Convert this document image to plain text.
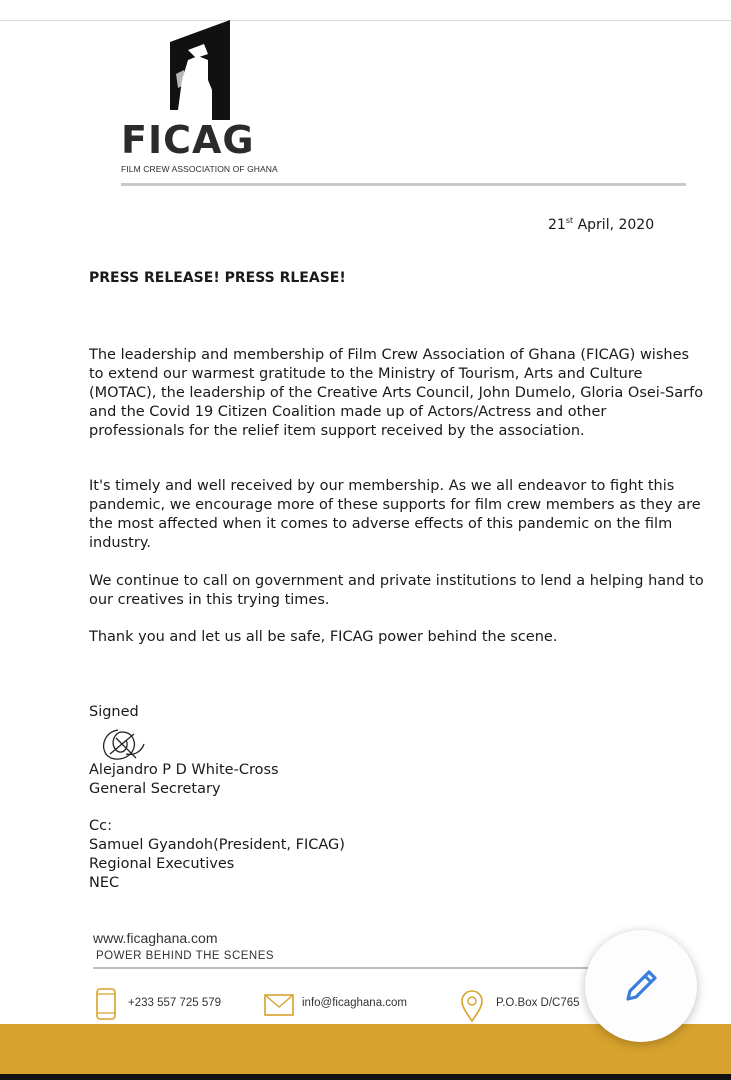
FICAG
FILM CREW ASSOCIATION OF GHANA
21st April, 2020
PRESS RELEASE! PRESS RLEASE!

The leadership and membership of Film Crew Association of Ghana (FICAG) wishes to extend our warmest gratitude to the Ministry of Tourism, Arts and Culture (MOTAC), the leadership of the Creative Arts Council, John Dumelo, Gloria Osei-Sarfo and the Covid 19 Citizen Coalition made up of Actors/Actress and other professionals for the relief item support received by the association.

It's timely and well received by our membership. As we all endeavor to fight this pandemic, we encourage more of these supports for film crew members as they are the most affected when it comes to adverse effects of this pandemic on the film industry.

We continue to call on government and private institutions to lend a helping hand to our creatives in this trying times.

Thank you and let us all be safe, FICAG power behind the scene.

Signed
Alejandro P D White-Cross
General Secretary
Cc:
Samuel Gyandoh(President, FICAG)
Regional Executives
NEC
www.ficaghana.com
POWER BEHIND THE SCENES
+233 557 725 579	info@ficaghana.com	P.O.Box D/C765
